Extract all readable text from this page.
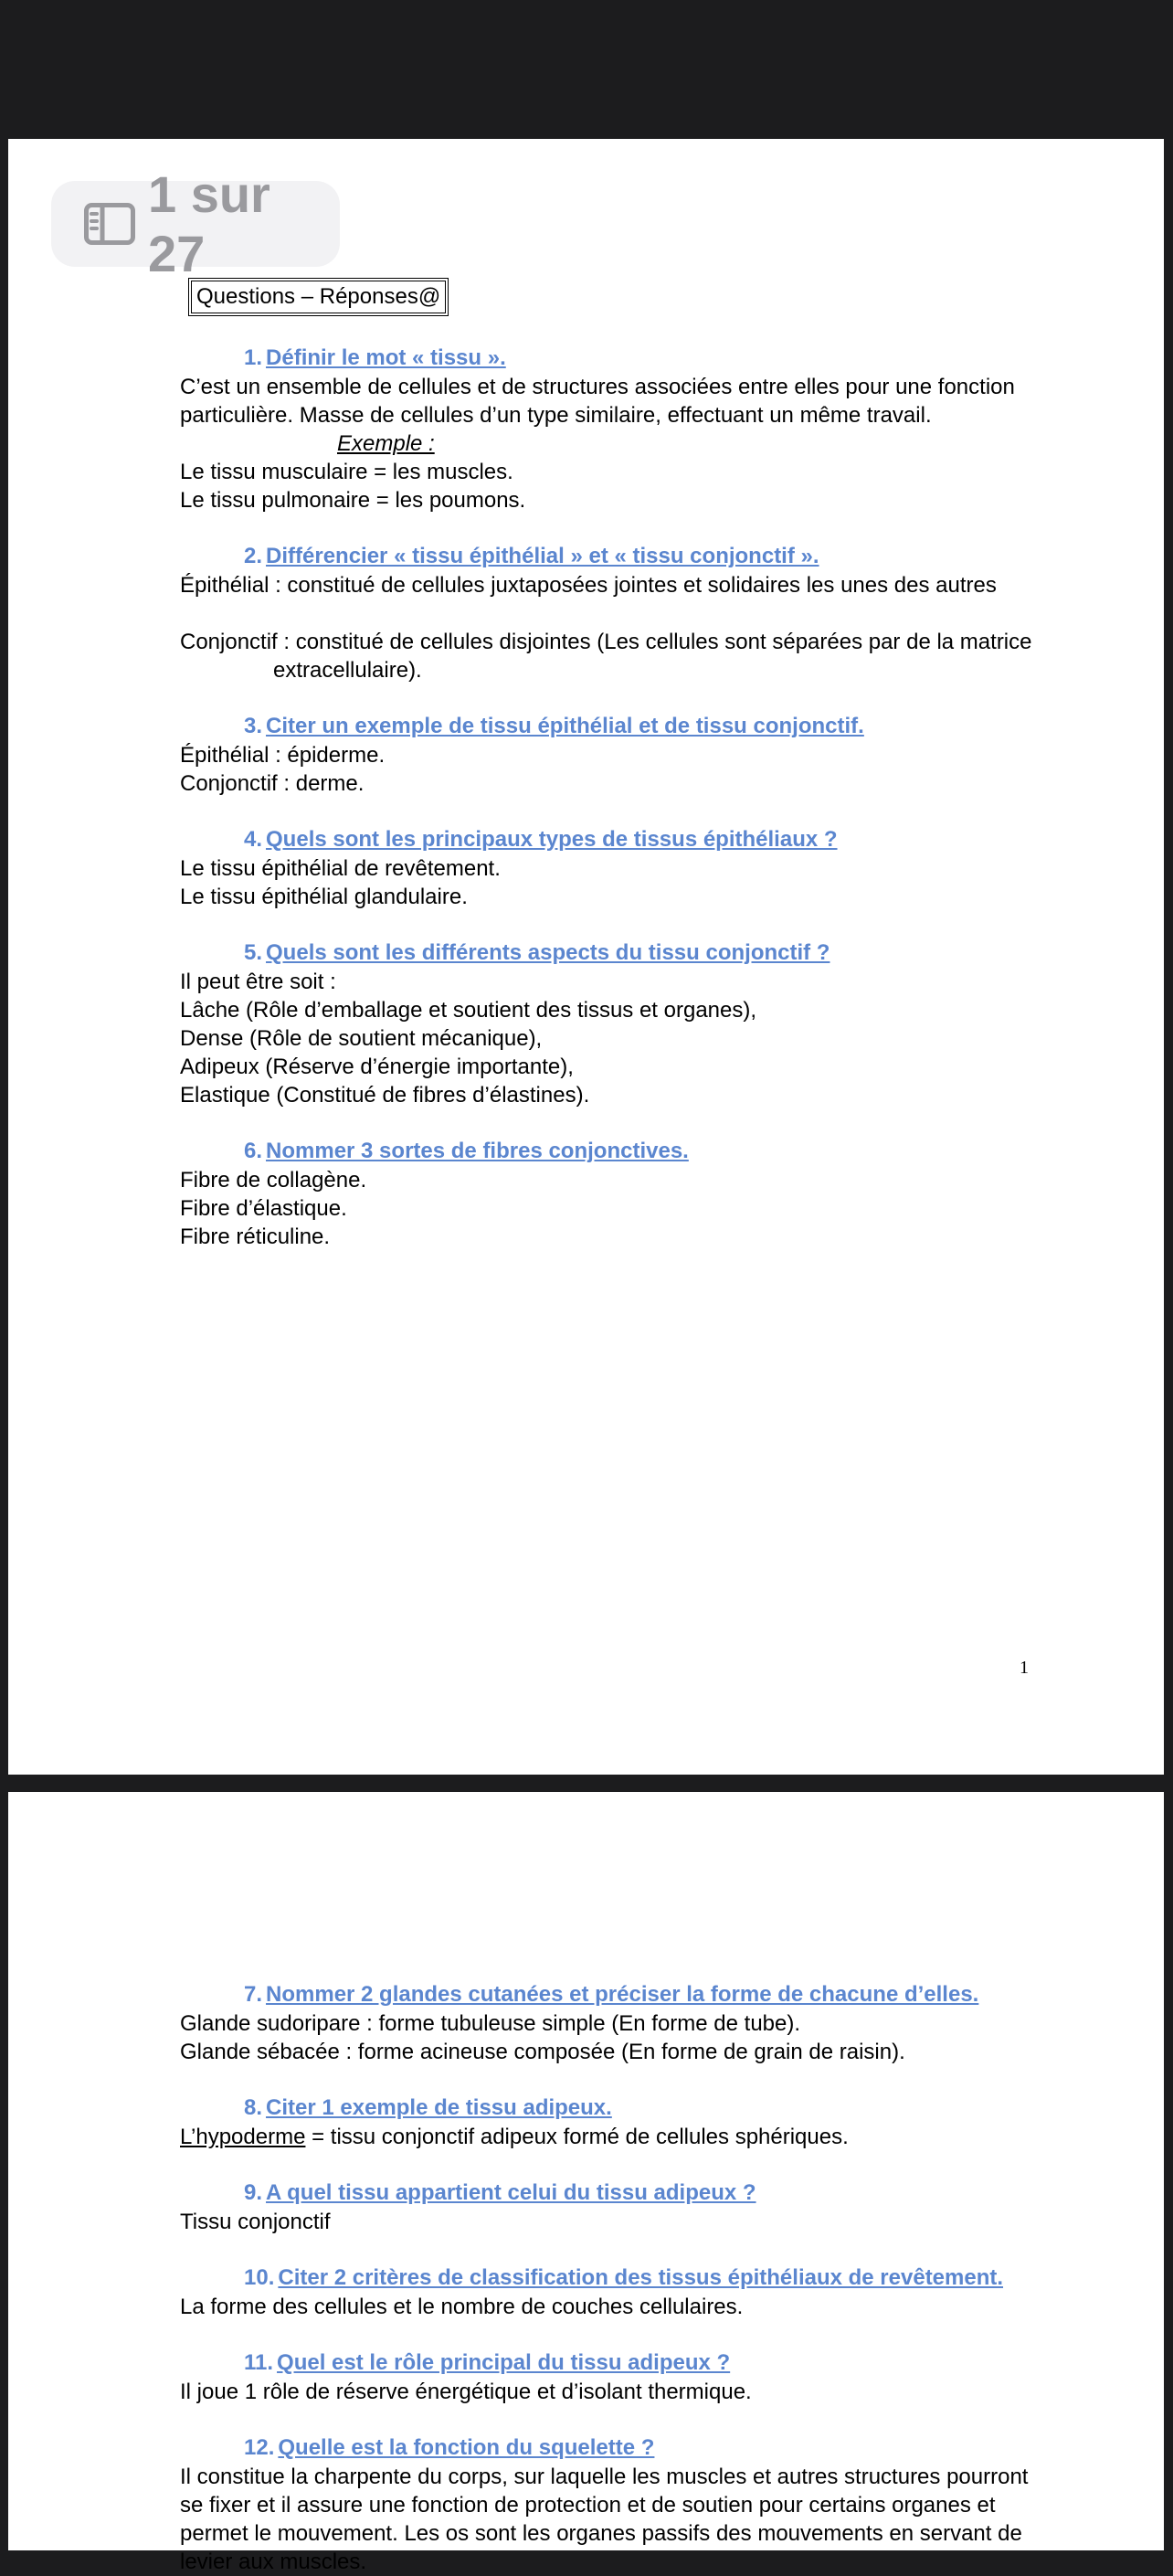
Questions – Réponses@
1. Définir le mot « tissu ».
C’est un ensemble de cellules et de structures associées entre elles pour une fonction
particulière. Masse de cellules d’un type similaire, effectuant un même travail.
Exemple :
Le tissu musculaire = les muscles.
Le tissu pulmonaire = les poumons.
2. Différencier « tissu épithélial » et « tissu conjonctif ».
Épithélial : constitué de cellules juxtaposées jointes et solidaires les unes des autres
Conjonctif : constitué de cellules disjointes (Les cellules sont séparées par de la matrice
extracellulaire).
3. Citer un exemple de tissu épithélial et de tissu conjonctif.
Épithélial : épiderme.
Conjonctif : derme.
4. Quels sont les principaux types de tissus épithéliaux ?
Le tissu épithélial de revêtement.
Le tissu épithélial glandulaire.
5. Quels sont les différents aspects du tissu conjonctif ?
Il peut être soit :
Lâche (Rôle d’emballage et soutient des tissus et organes),
Dense (Rôle de soutient mécanique),
Adipeux (Réserve d’énergie importante),
Elastique (Constitué de fibres d’élastines).
6. Nommer 3 sortes de fibres conjonctives.
Fibre de collagène.
Fibre d’élastique.
Fibre réticuline.
1
7. Nommer 2 glandes cutanées et préciser la forme de chacune d’elles.
Glande sudoripare : forme tubuleuse simple (En forme de tube).
Glande sébacée : forme acineuse composée (En forme de grain de raisin).
8. Citer 1 exemple de tissu adipeux.
L’hypoderme = tissu conjonctif adipeux formé de cellules sphériques.
9. A quel tissu appartient celui du tissu adipeux ?
Tissu conjonctif
10. Citer 2 critères de classification des tissus épithéliaux de revêtement.
La forme des cellules et le nombre de couches cellulaires.
11. Quel est le rôle principal du tissu adipeux ?
Il joue 1 rôle de réserve énergétique et d’isolant thermique.
12. Quelle est la fonction du squelette ?
Il constitue la charpente du corps, sur laquelle les muscles et autres structures pourront
se fixer et il assure une fonction de protection et de soutien pour certains organes et
permet le mouvement. Les os sont les organes passifs des mouvements en servant de
levier aux muscles.
1 sur 27
